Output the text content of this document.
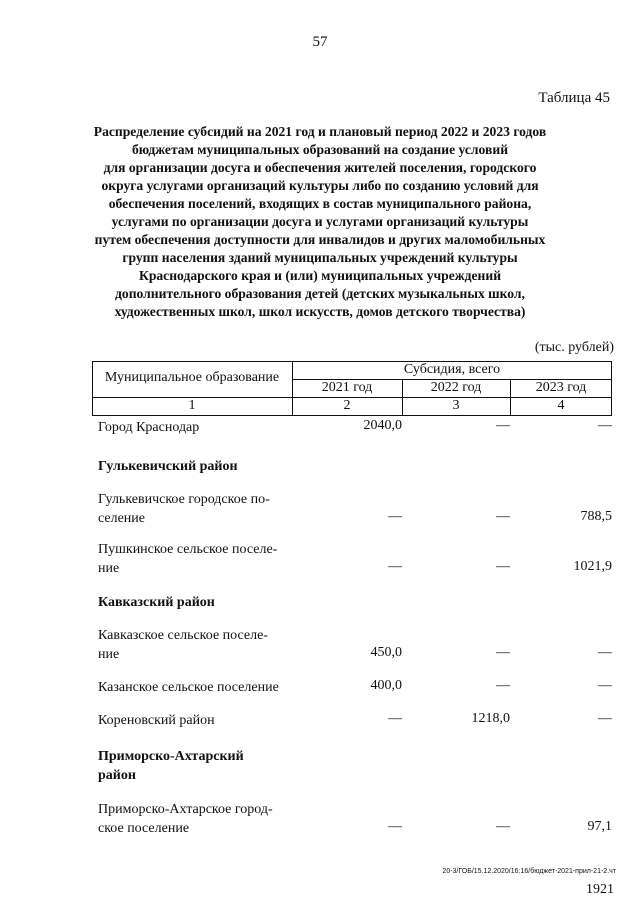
57
Таблица 45
Распределение субсидий на 2021 год и плановый период 2022 и 2023 годов
бюджетам муниципальных образований на создание условий
для организации досуга и обеспечения жителей поселения, городского
округа услугами организаций культуры либо по созданию условий для
обеспечения поселений, входящих в состав муниципального района,
услугами по организации досуга и услугами организаций культуры
путем обеспечения доступности для инвалидов и других маломобильных
групп населения зданий муниципальных учреждений культуры
Краснодарского края и (или) муниципальных учреждений
дополнительного образования детей (детских музыкальных школ,
художественных школ, школ искусств, домов детского творчества)
(тыс. рублей)
Муниципальное образование
Субсидия, всего
2021 год	2022 год	2023 год
1	2	3	4
Город Краснодар	2040,0	—	—
Гулькевичский район
Гулькевичское городское по-
селение	—	—	788,5
Пушкинское сельское поселе-
ние	—	—	1021,9
Кавказский район
Кавказское сельское поселе-
ние	450,0	—	—
Казанское сельское поселение	400,0	—	—
Кореновский район	—	1218,0	—
Приморско-Ахтарский
район
Приморско-Ахтарское город-
ское поселение	—	—	97,1
20-3/ГОБ/15.12.2020/16:16/бюджет-2021-прил-21-2.чт
1921
